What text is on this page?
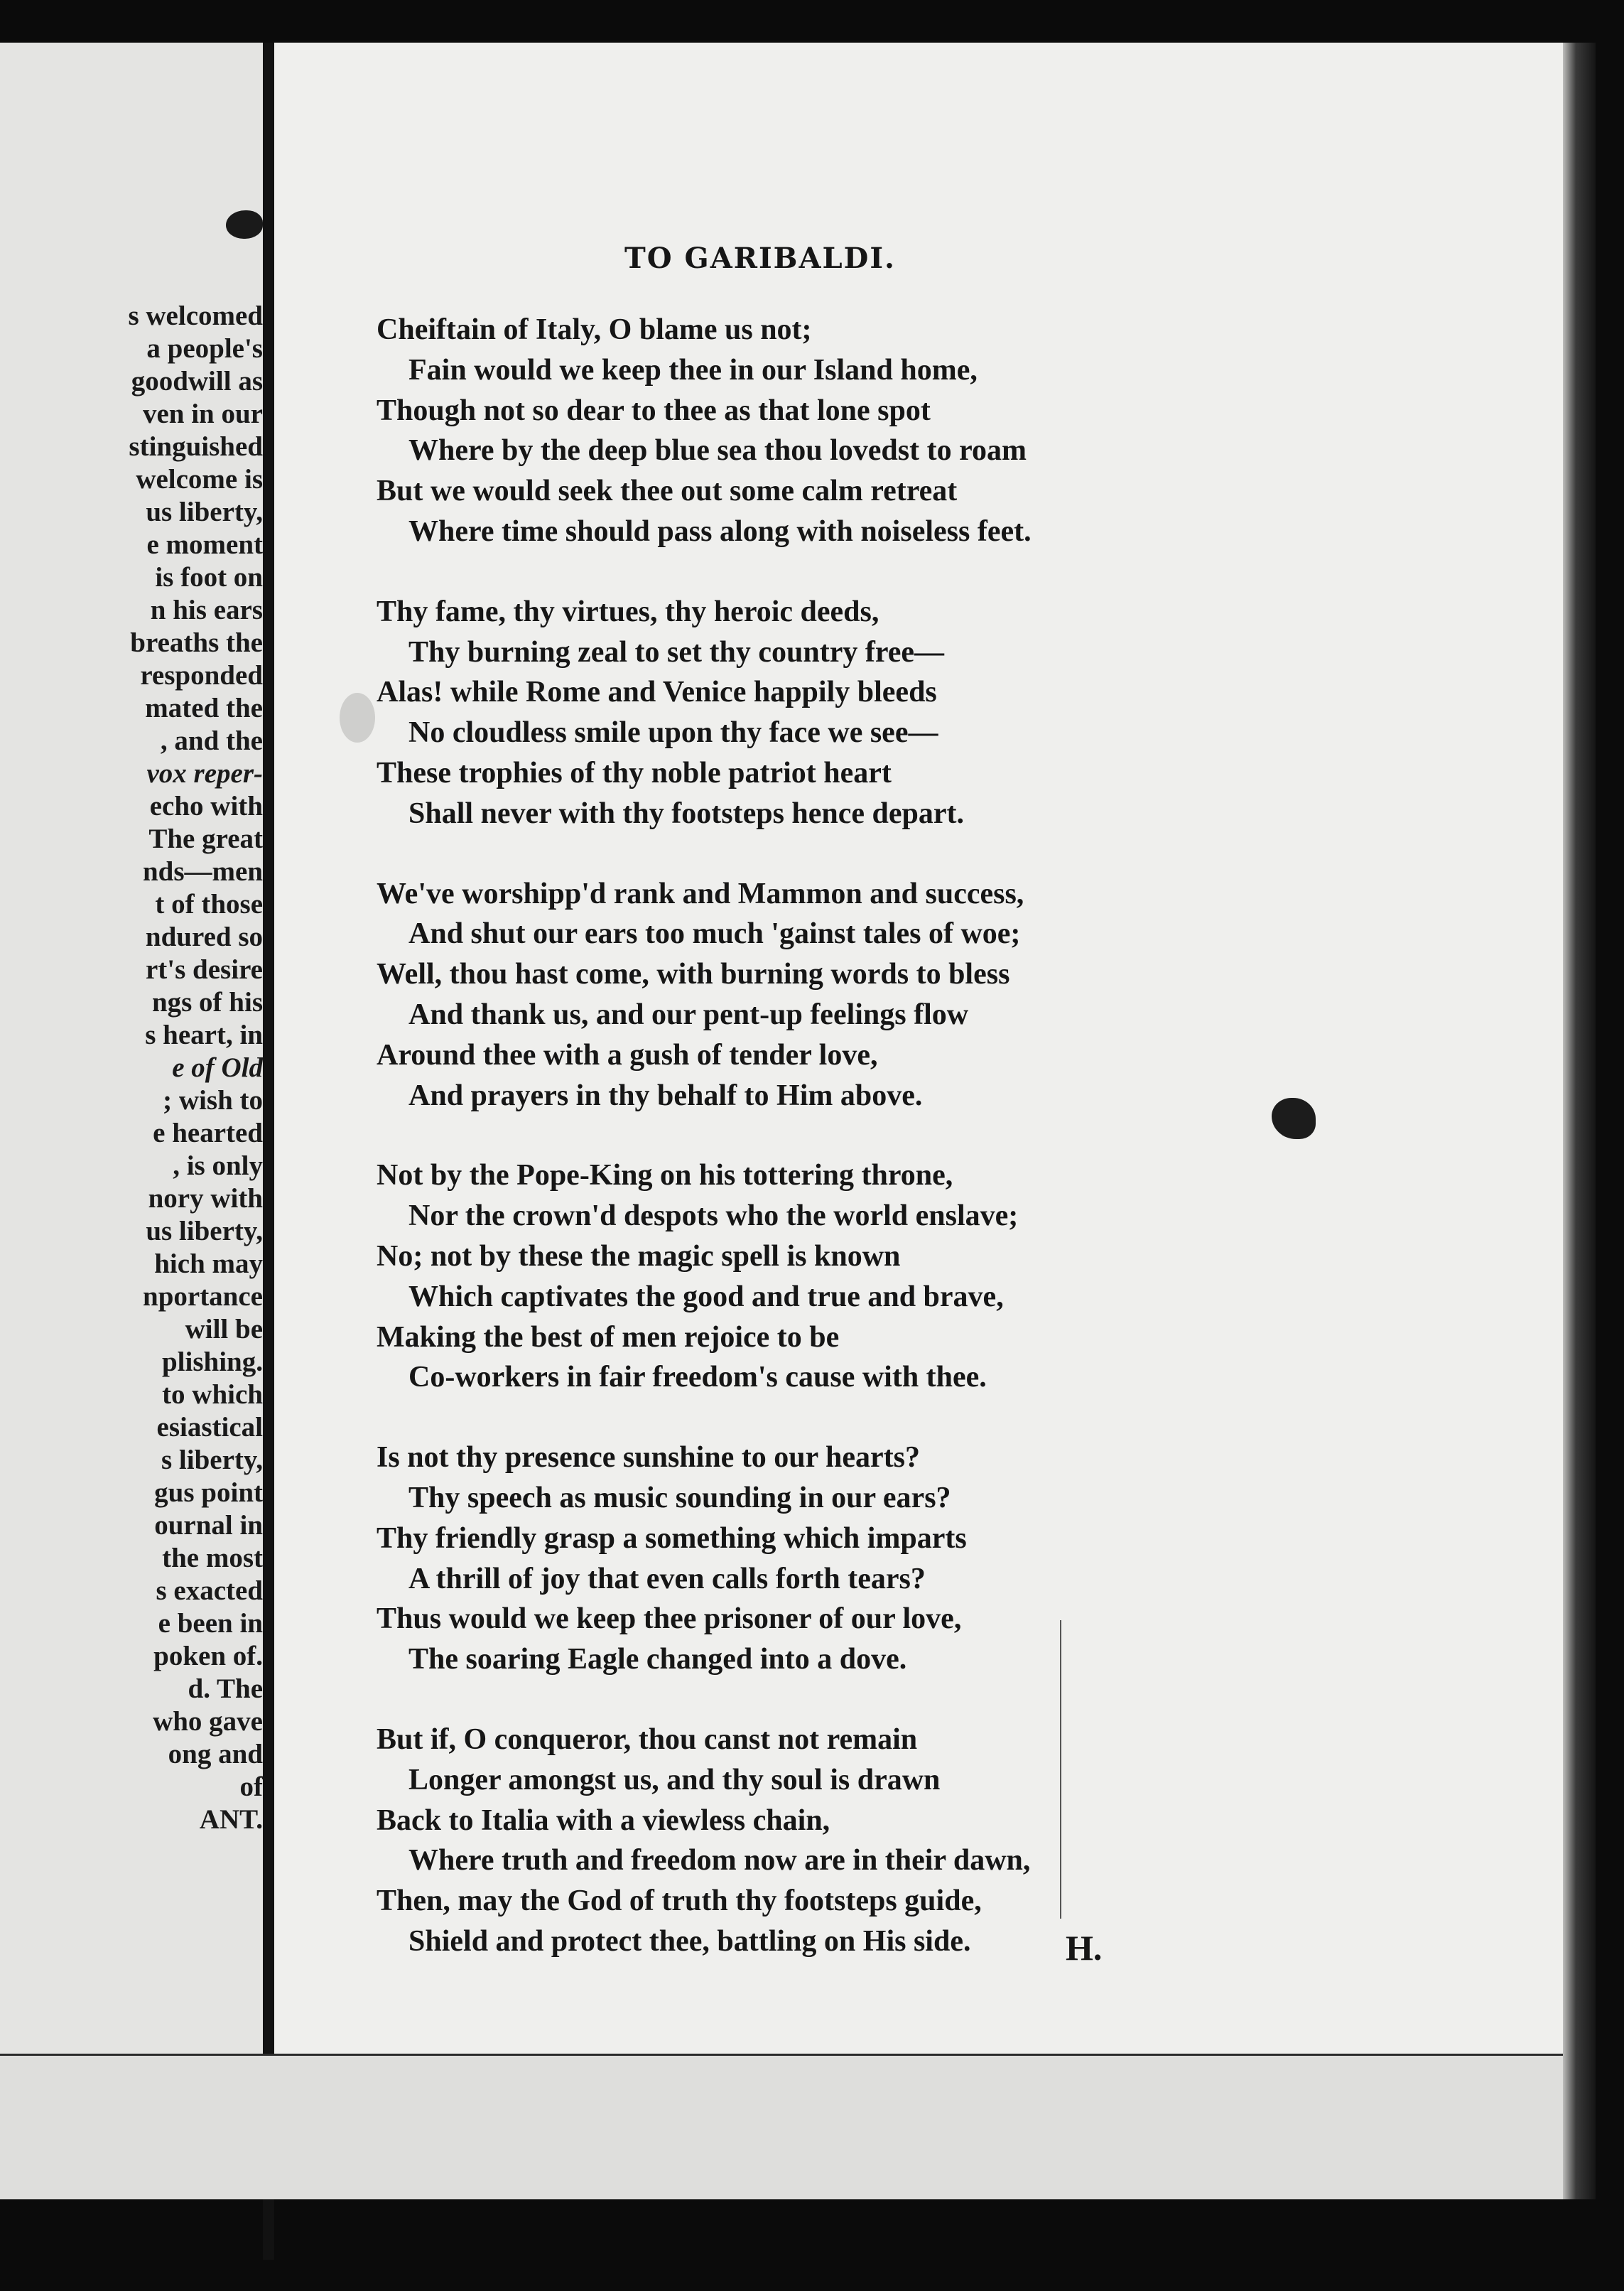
s welcomed
a people's
goodwill as
ven in our
stinguished
welcome is
us liberty,
e moment
is foot on
n his ears
breaths the
responded
mated the
, and the
vox reper-
echo with
The great
nds—men
t of those
ndured so
rt's desire
ngs of his
s heart, in
e of Old
; wish to
e hearted
, is only
nory with
us liberty,
hich may
nportance
will be
plishing.
to which
esiastical
s liberty,
gus point
ournal in
the most
s exacted
e been in
poken of.
d. The
who gave
ong and
of
ANT.
TO GARIBALDI.
Cheiftain of Italy, O blame us not;
Fain would we keep thee in our Island home,
Though not so dear to thee as that lone spot
Where by the deep blue sea thou lovedst to roam
But we would seek thee out some calm retreat
Where time should pass along with noiseless feet.
Thy fame, thy virtues, thy heroic deeds,
Thy burning zeal to set thy country free—
Alas! while Rome and Venice happily bleeds
No cloudless smile upon thy face we see—
These trophies of thy noble patriot heart
Shall never with thy footsteps hence depart.
We've worshipp'd rank and Mammon and success,
And shut our ears too much 'gainst tales of woe;
Well, thou hast come, with burning words to bless
And thank us, and our pent-up feelings flow
Around thee with a gush of tender love,
And prayers in thy behalf to Him above.
Not by the Pope-King on his tottering throne,
Nor the crown'd despots who the world enslave;
No; not by these the magic spell is known
Which captivates the good and true and brave,
Making the best of men rejoice to be
Co-workers in fair freedom's cause with thee.
Is not thy presence sunshine to our hearts?
Thy speech as music sounding in our ears?
Thy friendly grasp a something which imparts
A thrill of joy that even calls forth tears?
Thus would we keep thee prisoner of our love,
The soaring Eagle changed into a dove.
But if, O conqueror, thou canst not remain
Longer amongst us, and thy soul is drawn
Back to Italia with a viewless chain,
Where truth and freedom now are in their dawn,
Then, may the God of truth thy footsteps guide,
Shield and protect thee, battling on His side.	H.
